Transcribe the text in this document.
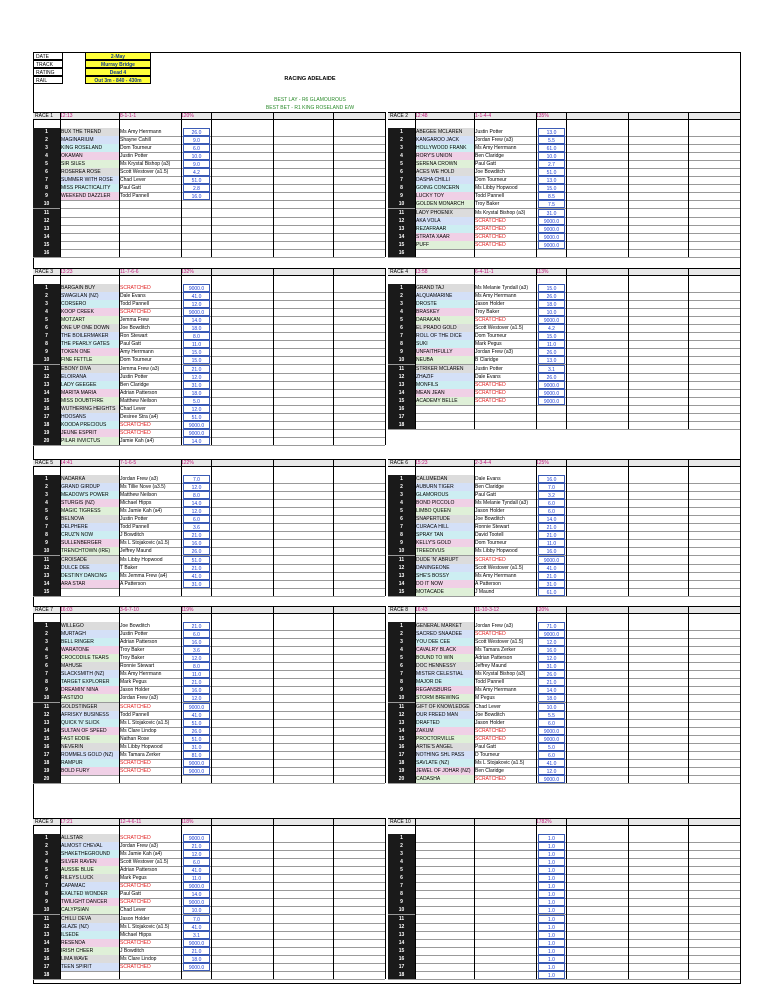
DATE	2-May
TRACK	Murray Bridge
RATING	Dead 4
RAIL	Out 3m - 840 - 430m	RACING ADELAIDE
BEST LAY - R6 GLAMOUROUS
BEST BET - R1 KING ROSELAND E/W
RACE 1	12:13	8-1-1-1	120%
1	BUX THE TREND	Ms Amy Herrmann	26.0
2	MAGINARIUM	Shayne Cahill	9.0
3	KING ROSELAND	Dom Tourneur	6.0
4	OKAMAN	Justin Potter	10.0
5	SIR SILES	Ms Krystal Bishop (a3)	9.0
6	ROSEREA ROSE	Scott Westover (a1.5)	4.2
7	SUMMER WITH ROSE	Chad Lever	51.0
8	MISS PRACTICALITY	Paul Gatt	2.8
9	WEEKEND DAZZLER	Todd Pannell	16.0
10
11
12
13
14
15
16
RACE 2	12:48	1-1-4-4	135%
1	ABEGEE MCLAREN	Justin Potter	13.0
2	KANGAROO JACK	Jordan Frew (a3)	5.5
3	HOLLYWOOD FRANK	Ms Amy Herrmann	61.0
4	RORY'S UNION	Ben Claridge	10.0
5	SERENA CROWN	Paul Gatt	2.7
6	ACES WE HOLD	Joe Bowditch	51.0
7	DASHA CHILLI	Dom Tourneur	13.0
8	GOING CONCERN	Ms Libby Hopwood	15.0
9	LUCKY TOY	Todd Pannell	8.5
10	GOLDEN MONARCH	Troy Baker	7.5
11	LADY PHOENIX	Ms Krystal Bishop (a3)	31.0
12	AKA VOLA	SCRATCHED	9000.0
13	REZAFRAAR	SCRATCHED	9000.0
14	STRATA XAAR	SCRATCHED	9000.0
15	PUFF	SCRATCHED	9000.0
16
RACE 3	13:23	11-7-6-6	132%
1	BARGAIN BUY	SCRATCHED	9000.0
2	SWAGILAN (NZ)	Dale Evans	41.0
3	CORSERO	Todd Pannell	12.0
4	KOOP CREEK	SCRATCHED	9000.0
5	MOTZART	Jemma Frew	14.0
6	ONE UP ONE DOWN	Joe Bowditch	18.0
7	THE BOILERMAKER	Ron Stewart	8.0
8	THE PEARLY GATES	Paul Gatt	11.0
9	TOKEN ONE	Amy Herrmann	15.0
10	FINE FETTLE	Dom Tourneur	15.0
11	EBONY DIVA	Jemma Frew (a3)	21.0
12	ELOIRANA	Justin Potter	12.0
13	LADY GEEGEE	Ben Claridge	31.0
14	MARITA MARIA	Adrian Patterson	18.0
15	MISS DOUBTFIRE	Matthew Neilson	5.0
16	WUTHERING HEIGHTS Chad Lever	12.0
17	HOOSANS	Desiree Stra (a4)	51.0
18	KOODA PRECIOUS	SCRATCHED	9000.0
19	JEUNE ESPRIT	SCRATCHED	9000.0
20	PILAR INVICTUS	Jamie Kah (a4)	14.0
RACE 4	13:58	6-4-11-1	113%
1	GRAND TAJ	Ms Melanie Tyndall (a3)	15.0
2	ALQUAMARINE	Ms Amy Herrmann	26.0
3	DROSTE	Jason Holder	18.0
4	BRASKEY	Troy Baker	10.0
5	DARAKAN	SCRATCHED	9000.0
6	EL PRADO GOLD	Scott Westover (a1.5)	4.2
7	ROLL OF THE DICE	Dom Tourneur	15.0
8	SUKI	Mark Pegus	11.0
9	UNFAITHFULLY	Jordan Frew (a3)	26.0
10	NEUBA	B Claridge	13.0
11	STRIKER MCLAREN	Justin Potter	3.1
12	ZHAZIF	Dale Evans	26.0
13	MONFILS	SCRATCHED	9000.0
14	MEAN JEAN	SCRATCHED	9000.0
15	ACADEMY BELLE	SCRATCHED	9000.0
16
17
18
RACE 5	14:41	7-1-6-5	122%
1	NADARKA	Jordan Frew (a3)	7.0
2	GRAND GIRDUP	Ms Tillie Nove (a3.5)	12.0
3	MEADOW'S POWER	Matthew Neilson	8.0
4	STURGIS (NZ)	Michael Hipps	14.0
5	MAGIC TIGRESS	Ms Jamie Kah (a4)	12.0
6	BELNOVA	Justin Potter	6.0
7	DELPHERE	Todd Pannell	3.6
8	CRUZ'N NOW	J Bowditch	21.0
9	SULLENBERGER	Ms L Stojakovic (a1.5)	16.0
10	TRENCHTOWN (IRE)	Jeffrey Maund	26.0
11	CROISADE	Ms Libby Hopwood	51.0
12	DULCE DEE	T Baker	21.0
13	DESTINY DANCING	Ms Jemma Frew (a4)	41.0
14	ARA STAR	A Patterson	31.0
15
RACE 6	15:23	2-3-4-4	125%
1	CALUMEDAN	Dale Evans	16.0
2	AUBURN TIGER	Ben Claridge	7.0
3	GLAMOROUS	Paul Gatt	3.2
4	BOND PICCOLO	Ms Melanie Tyndall (a3)	6.0
5	LIMBO QUEEN	Jason Holder	6.0
6	SNAPERTUDE	Joe Bowditch	14.0
7	CURACA HILL	Ronnie Stewart	21.0
8	SPRAY TAN	David Tootell	21.0
9	KELLY'S GOLD	Dom Tourneur	11.0
10	TREEDIVUS	Ms Libby Hopwood	16.0
11	DUDE 'N' ABRUPT	SCRATCHED	9000.0
12	DANINGEONE	Scott Westover (a1.5)	41.0
13	SHE'S BOSSY	Ms Amy Herrmann	21.0
14	DO IT NOW	A Patterson	31.0
15	MOTACADE	J Maund	61.0
RACE 7	16:03	3-6-7-10	119%
1	WILLEGO	Joe Bowditch	21.0
2	MURTAGH	Justin Potter	6.0
3	BELL RINGER	Adrian Patterson	16.0
4	WARATONE	Troy Baker	3.6
5	CROCODILE TEARS	Troy Baker	12.0
6	MAHUSE	Ronnie Stewart	8.0
7	SLACKSMITH (NZ)	Ms Amy Herrmann	11.0
8	TARGET EXPLORER	Mark Pegus	21.0
9	DREAMIN' NINA	Jason Holder	16.0
10	FASTIZIO	Jordan Frew (a3)	12.0
11	GOLDSTINGER	SCRATCHED	9000.0
12	AFRISKY BUSINESS	Todd Pannell	41.0
13	QUICK 'N' SLICK	Ms L Stojakovic (a1.5)	51.0
14	SULTAN OF SPEED	Ms Clare Lindop	26.0
15	FAST EDDIE	Nathan Rose	51.0
16	NEVERIN	Ms Libby Hopwood	31.0
17	ROMMELS GOLD (NZ)	Ms Tamara Zerker	81.0
18	RAMPUR	SCRATCHED	9000.0
19	BOLD FURY	SCRATCHED	9000.0
20
RACE 8	16:43	11-10-3-12	120%
1	GENERAL MARKET	Jordan Frew (a3)	71.0
2	SACRED SNAADEE	SCRATCHED	9000.0
3	YOU DEE CEE	Scott Westover (a1.5)	12.0
4	CAVALRY BLACK	Ms Tamara Zerker	16.0
5	BOUND TO WIN	Adrian Patterson	12.0
6	DOC HENNESSY	Jeffrey Maund	31.0
7	MISTER CELESTIAL	Ms Krystal Bishop (a3)	26.0
8	MAJOR DE	Todd Pannell	21.0
9	REGANSBURG	Ms Amy Herrmann	14.0
10	STORM BREWING	M Pegus	18.0
11	GIFT OF KNOWLEDGE	Chad Lever	10.0
12	OUR FREED MAN	Joe Bowditch	5.5
13	DRAFTED	Jason Holder	6.0
14	ZAKUM	SCRATCHED	9000.0
15	PROCTORVILLE	SCRATCHED	9000.0
16	ARTIE'S ANGEL	Paul Gatt	5.0
17	NOTHING SHL PASS	D Tourneur	6.0
18	SAVLATE (NZ)	Ms L Stojakovic (a1.5)	41.0
19	JEWEL OF JOHAR (NZ) Ben Claridge	12.0
20	CADASHA	SCRATCHED	9000.0
RACE 9	17:21	12-4-6-11	118%
1	ALLSTAR	SCRATCHED	9000.0
2	ALMOST CHEVAL	Jordan Frew (a3)	21.0
3	SHAKETHEGROUND	Ms Jamie Kah (a4)	12.0
4	SILVER RAVEN	Scott Westover (a1.5)	6.0
5	AUSSIE BLUE	Adrian Patterson	41.0
6	RILEYS LUCK	Mark Pegus	11.0
7	CAPAMAC	SCRATCHED	9000.0
8	EXALTED WONDER	Paul Gatt	14.0
9	TWILIGHT DANCER	SCRATCHED	9000.0
10	CALYPSIAN	Chad Lever	10.0
11	CHILLI DEVA	Jason Holder	7.0
12	GLAZE (NZ)	Ms L Stojakovic (a1.5)	41.0
13	ILSEDE	Michael Hipps	3.1
14	RESENDA	SCRATCHED	9000.0
15	IRISH CHEER	J Bowditch	21.0
16	LIMA WAVE	Ms Clare Lindop	18.0
17	TEEN SPIRIT	SCRATCHED	9000.0
18
RACE 10	1782%
1	1.0
2	1.0
3	1.0
4	1.0
5	1.0
6	1.0
7	1.0
8	1.0
9	1.0
10	1.0
11	1.0
12	1.0
13	1.0
14	1.0
15	1.0
16	1.0
17	1.0
18	1.0
